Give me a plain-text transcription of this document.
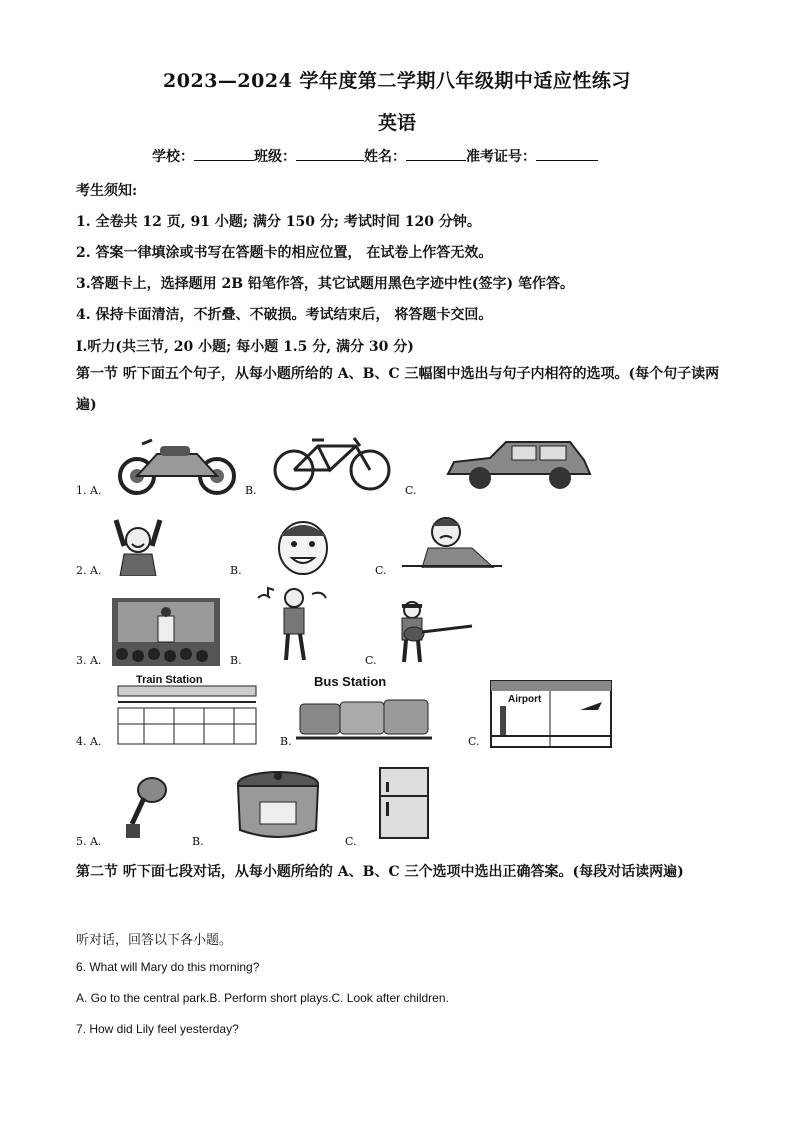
2023—2024 学年度第二学期八年级期中适应性练习
英语
学校：	班级：	姓名：	准考证号：
考生须知:
1. 全卷共 12 页, 91 小题; 满分 150 分; 考试时间 120 分钟。
2. 答案一律填涂或书写在答题卡的相应位置， 在试卷上作答无效。
3.答题卡上，选择题用 2B 铅笔作答，其它试题用黑色字迹中性(签字) 笔作答。
4. 保持卡面清洁，不折叠、不破损。考试结束后， 将答题卡交回。
Ⅰ.听力(共三节, 20 小题; 每小题 1.5 分, 满分 30 分)
第一节 听下面五个句子，从每小题所给的 A、B、C 三幅图中选出与句子内相符的选项。(每个句子读两遍)
1. A.	B.	C.
2. A.	B.	C.
3. A.	B.	C.
4. A.
Train Station
B.
Bus Station
C.
Airport
5. A.	B.	C.
第二节 听下面七段对话，从每小题所给的 A、B、C 三个选项中选出正确答案。(每段对话读两遍)
听对话，回答以下各小题。
6. What will Mary do this morning?
A. Go to the central park.B. Perform short plays.C. Look after children.
7. How did Lily feel yesterday?
